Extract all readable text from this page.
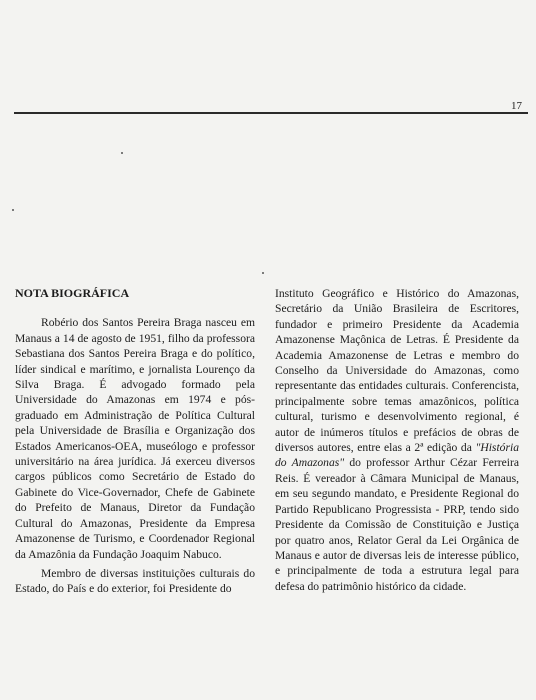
17
NOTA BIOGRÁFICA

Robério dos Santos Pereira Braga nasceu em Manaus a 14 de agosto de 1951, filho da professora Sebastiana dos Santos Pereira Braga e do político, líder sindical e marítimo, e jornalista Lourenço da Silva Braga. É advogado formado pela Universidade do Amazonas em 1974 e pós-graduado em Administração de Política Cultural pela Universidade de Brasília e Organização dos Estados Americanos-OEA, museólogo e professor universitário na área jurídica. Já exerceu diversos cargos públicos como Secretário de Estado do Gabinete do Vice-Governador, Chefe de Gabinete do Prefeito de Manaus, Diretor da Fundação Cultural do Amazonas, Presidente da Empresa Amazonense de Turismo, e Coordenador Regional da Amazônia da Fundação Joaquim Nabuco.

Membro de diversas instituições culturais do Estado, do País e do exterior, foi Presidente do

Instituto Geográfico e Histórico do Amazonas, Secretário da União Brasileira de Escritores, fundador e primeiro Presidente da Academia Amazonense Maçônica de Letras. É Presidente da Academia Amazonense de Letras e membro do Conselho da Universidade do Amazonas, como representante das entidades culturais. Conferencista, principalmente sobre temas amazônicos, política cultural, turismo e desenvolvimento regional, é autor de inúmeros títulos e prefácios de obras de diversos autores, entre elas a 2ª edição da "História do Amazonas" do professor Arthur Cézar Ferreira Reis. É vereador à Câmara Municipal de Manaus, em seu segundo mandato, e Presidente Regional do Partido Republicano Progressista - PRP, tendo sido Presidente da Comissão de Constituição e Justiça por quatro anos, Relator Geral da Lei Orgânica de Manaus e autor de diversas leis de interesse público, e principalmente de toda a estrutura legal para defesa do patrimônio histórico da cidade.
